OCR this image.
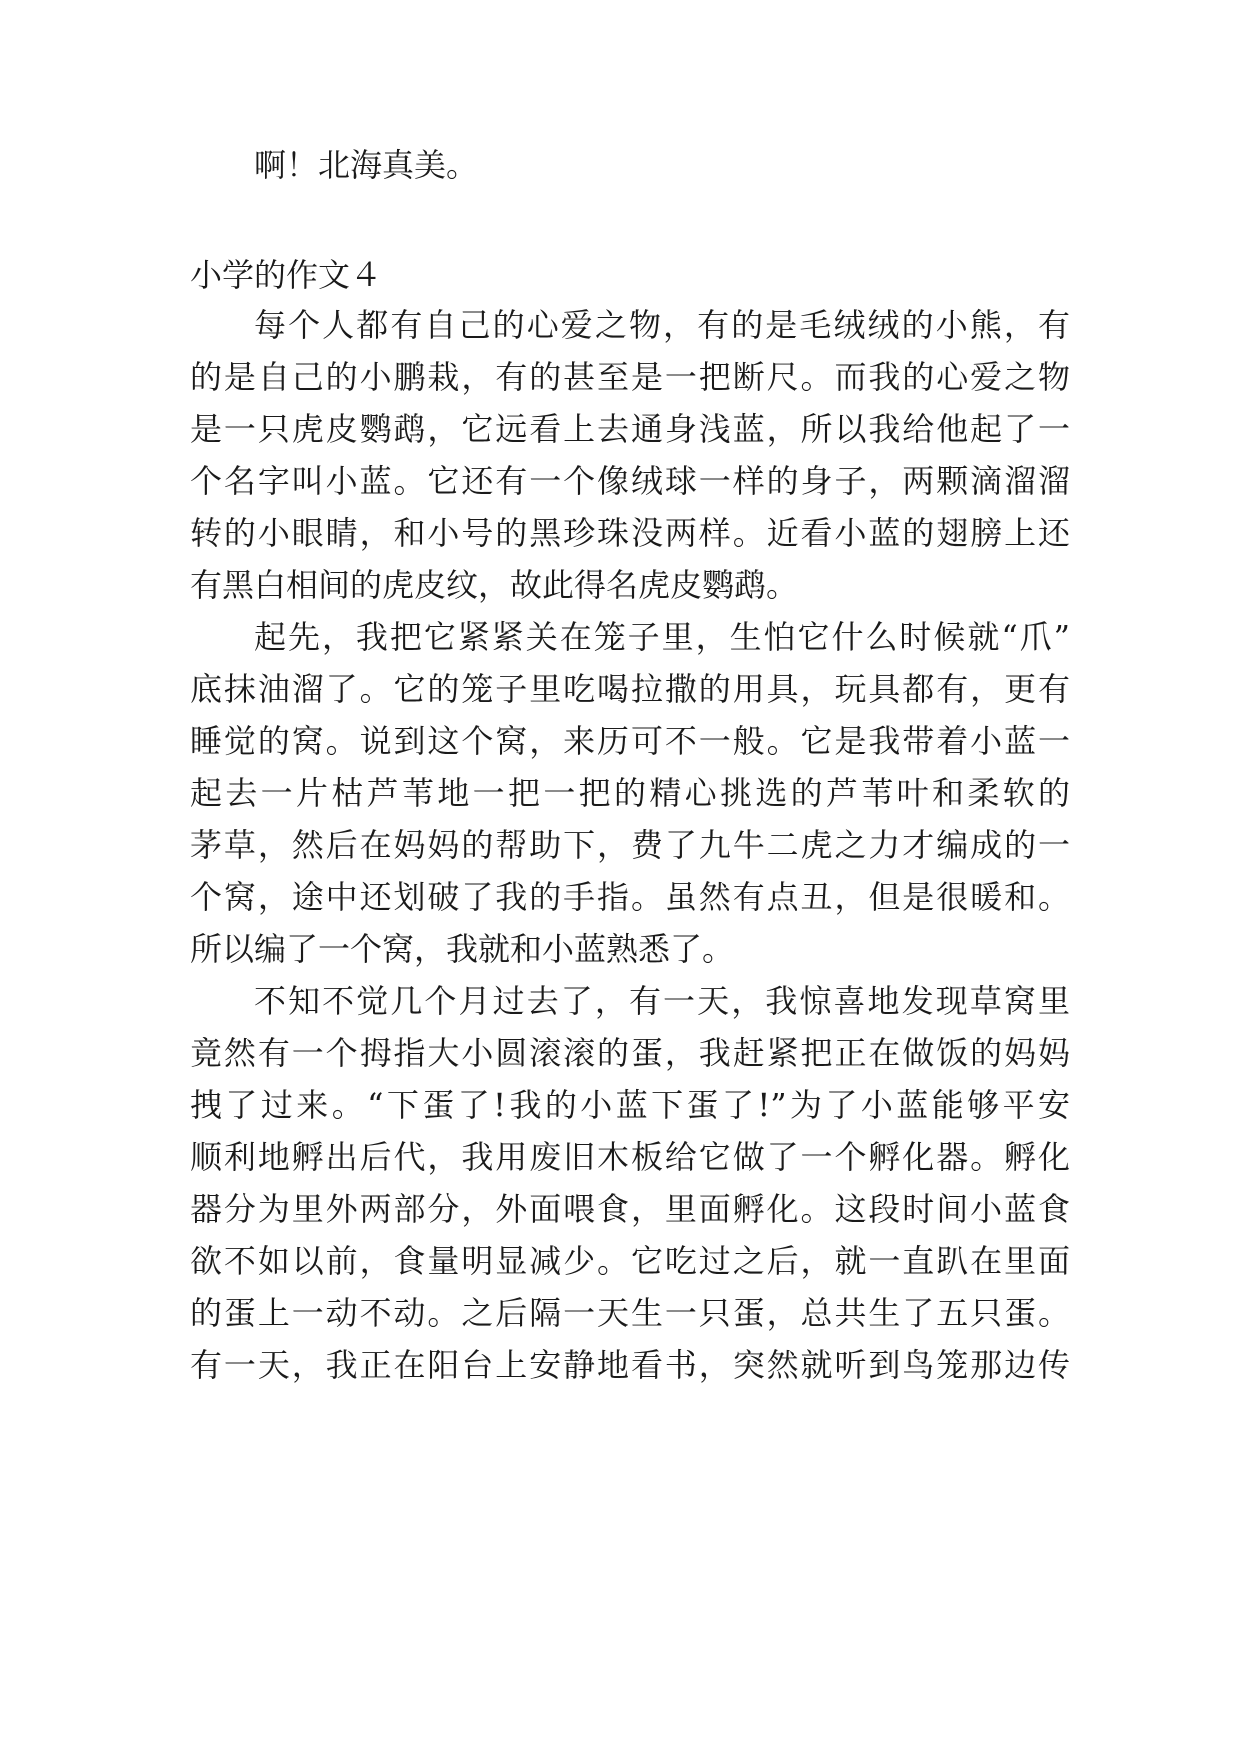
啊！北海真美。
小学的作文４
每个人都有自己的心爱之物，有的是毛绒绒的小熊，有
的是自己的小鹏栽，有的甚至是一把断尺。而我的心爱之物
是一只虎皮鹦鹉，它远看上去通身浅蓝，所以我给他起了一
个名字叫小蓝。它还有一个像绒球一样的身子，两颗滴溜溜
转的小眼睛，和小号的黑珍珠没两样。近看小蓝的翅膀上还
有黑白相间的虎皮纹，故此得名虎皮鹦鹉。
起先，我把它紧紧关在笼子里，生怕它什么时候就“爪”
底抹油溜了。它的笼子里吃喝拉撒的用具，玩具都有，更有
睡觉的窝。说到这个窝，来历可不一般。它是我带着小蓝一
起去一片枯芦苇地一把一把的精心挑选的芦苇叶和柔软的
茅草，然后在妈妈的帮助下，费了九牛二虎之力才编成的一
个窝，途中还划破了我的手指。虽然有点丑，但是很暖和。
所以编了一个窝，我就和小蓝熟悉了。
不知不觉几个月过去了，有一天，我惊喜地发现草窝里
竟然有一个拇指大小圆滚滚的蛋，我赶紧把正在做饭的妈妈
拽了过来。“下蛋了!我的小蓝下蛋了!”为了小蓝能够平安
顺利地孵出后代，我用废旧木板给它做了一个孵化器。孵化
器分为里外两部分，外面喂食，里面孵化。这段时间小蓝食
欲不如以前，食量明显减少。它吃过之后，就一直趴在里面
的蛋上一动不动。之后隔一天生一只蛋，总共生了五只蛋。
有一天，我正在阳台上安静地看书，突然就听到鸟笼那边传
